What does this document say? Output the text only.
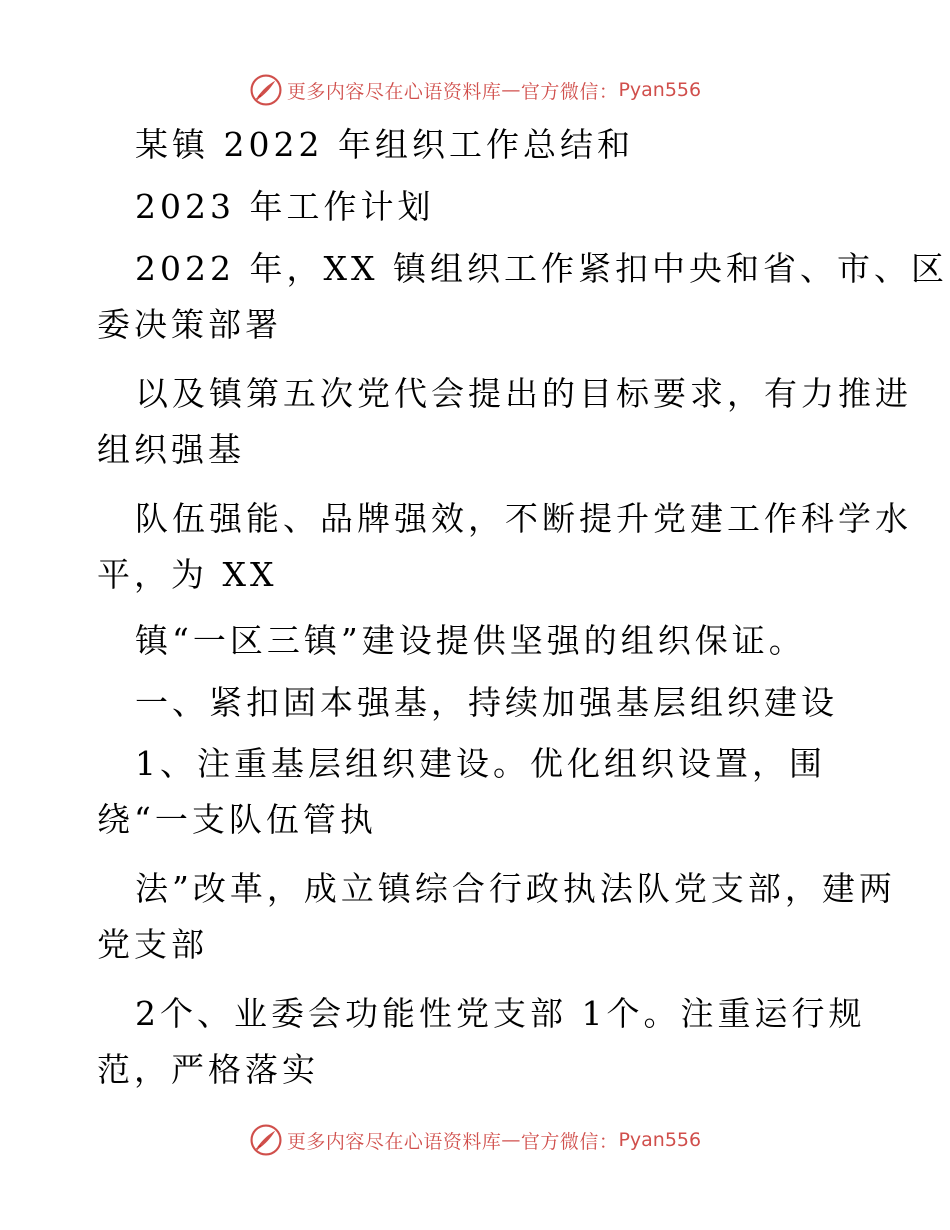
更多内容尽在心语资料库 — 官方微信： Pyan556
某镇 2022 年组织工作总结和
2023 年工作计划
2022 年，XX 镇组织工作紧扣中央和省、市、区
委决策部署
以及镇第五次党代会提出的目标要求，有力推进
组织强基
队伍强能、品牌强效，不断提升党建工作科学水
平，为 XX
镇“一区三镇”建设提供坚强的组织保证。
一、紧扣固本强基，持续加强基层组织建设
1、注重基层组织建设。优化组织设置，围
绕“一支队伍管执
法”改革，成立镇综合行政执法队党支部，建两
党支部
2个、业委会功能性党支部 1个。注重运行规
范，严格落实
更多内容尽在心语资料库 — 官方微信： Pyan556
